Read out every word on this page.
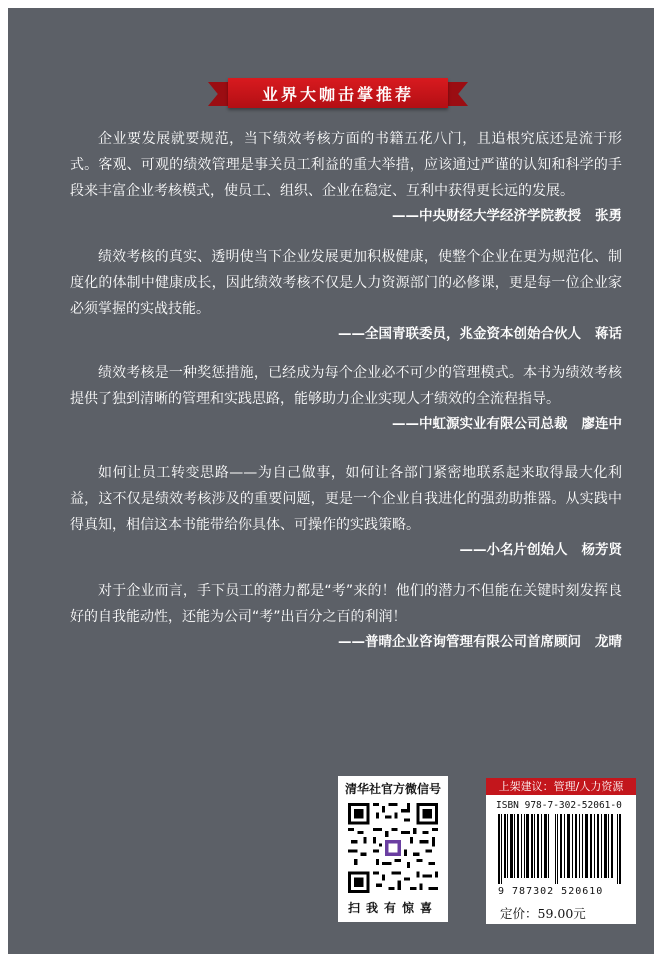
业界大咖击掌推荐

企业要发展就要规范，当下绩效考核方面的书籍五花八门，且追根究底还是流于形式。客观、可观的绩效管理是事关员工利益的重大举措，应该通过严谨的认知和科学的手段来丰富企业考核模式，使员工、组织、企业在稳定、互利中获得更长远的发展。

——中央财经大学经济学院教授 张勇

绩效考核的真实、透明使当下企业发展更加积极健康，使整个企业在更为规范化、制度化的体制中健康成长，因此绩效考核不仅是人力资源部门的必修课，更是每一位企业家必须掌握的实战技能。

——全国青联委员，兆金资本创始合伙人 蒋话

绩效考核是一种奖惩措施，已经成为每个企业必不可少的管理模式。本书为绩效考核提供了独到清晰的管理和实践思路，能够助力企业实现人才绩效的全流程指导。

——中虹源实业有限公司总裁 廖连中

如何让员工转变思路——为自己做事，如何让各部门紧密地联系起来取得最大化利益，这不仅是绩效考核涉及的重要问题，更是一个企业自我进化的强劲助推器。从实践中得真知，相信这本书能带给你具体、可操作的实践策略。

——小名片创始人 杨芳贤

对于企业而言，手下员工的潜力都是“考”来的！他们的潜力不但能在关键时刻发挥良好的自我能动性，还能为公司“考”出百分之百的利润！

——普晴企业咨询管理有限公司首席顾问 龙晴
清华社官方微信号
扫我有惊喜
上架建议：管理/人力资源
ISBN 978-7-302-52061-0
9 787302 520610
定价：59.00元
